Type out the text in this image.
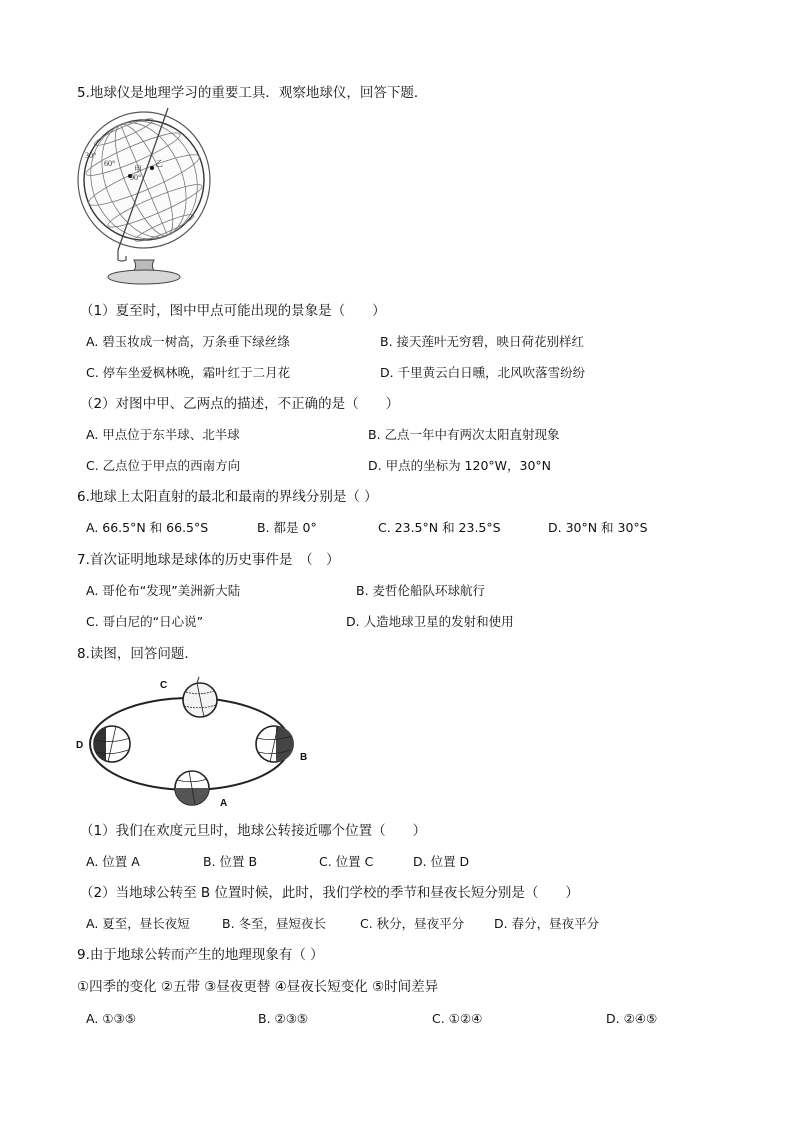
5.地球仪是地理学习的重要工具．观察地球仪，回答下题．
30°
60°
90°
甲
乙
（1）夏至时，图中甲点可能出现的景象是（　　）
A. 碧玉妆成一树高，万条垂下绿丝绦	B. 接天莲叶无穷碧，映日荷花别样红
C. 停车坐爱枫林晚，霜叶红于二月花	D. 千里黄云白日曛，北风吹落雪纷纷
（2）对图中甲、乙两点的描述，不正确的是（　　）
A. 甲点位于东半球、北半球	B. 乙点一年中有两次太阳直射现象
C. 乙点位于甲点的西南方向	D. 甲点的坐标为 120°W，30°N
6.地球上太阳直射的最北和最南的界线分别是（ ）
A. 66.5°N 和 66.5°S	B. 都是 0°	C. 23.5°N 和 23.5°S	D. 30°N 和 30°S
7.首次证明地球是球体的历史事件是　（　）
A. 哥伦布“发现”美洲新大陆	B. 麦哲伦船队环球航行
C. 哥白尼的“日心说”	D. 人造地球卫星的发射和使用
8.读图，回答问题．
C
D
B
A
（1）我们在欢度元旦时，地球公转接近哪个位置（　　）
A. 位置 A	B. 位置 B	C. 位置 C	D. 位置 D
（2）当地球公转至 B 位置时候，此时，我们学校的季节和昼夜长短分别是（　　）
A. 夏至，昼长夜短	B. 冬至，昼短夜长	C. 秋分，昼夜平分 D. 春分，昼夜平分
9.由于地球公转而产生的地理现象有（ ）
①四季的变化 ②五带 ③昼夜更替 ④昼夜长短变化 ⑤时间差异
A. ①③⑤	B. ②③⑤	C. ①②④	D. ②④⑤
